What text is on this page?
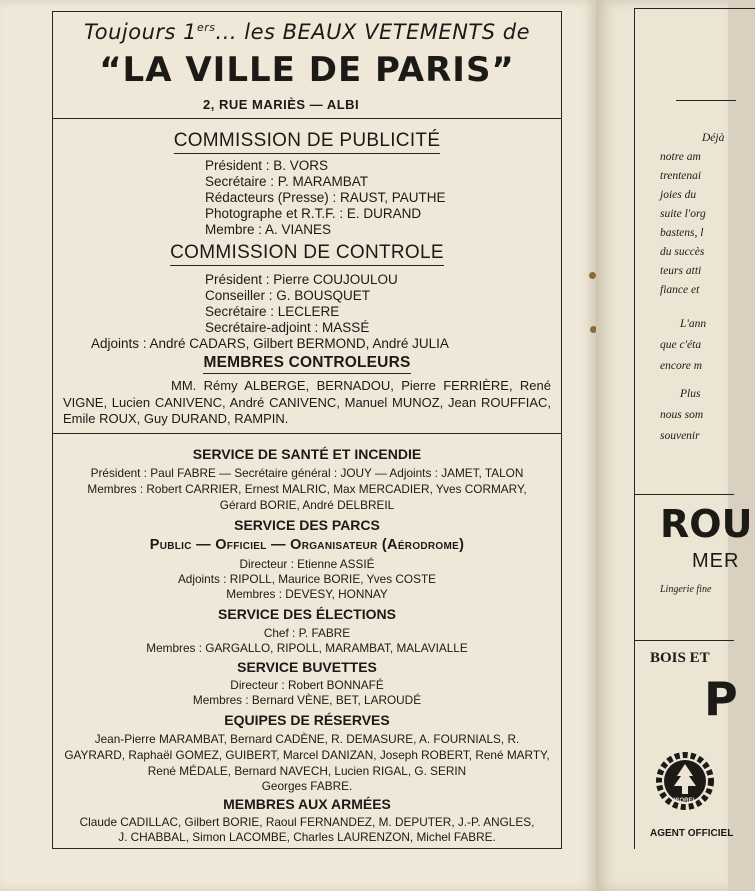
Toujours 1ers... les BEAUX VETEMENTS de
“LA VILLE DE PARIS”
2, RUE MARIÈS — ALBI
COMMISSION DE PUBLICITÉ
Président : B. VORS
Secrétaire : P. MARAMBAT
Rédacteurs (Presse) : RAUST, PAUTHE
Photographe et R.T.F. : E. DURAND
Membre : A. VIANES
COMMISSION DE CONTROLE
Président : Pierre COUJOULOU
Conseiller : G. BOUSQUET
Secrétaire : LECLERE
Secrétaire-adjoint : MASSÉ
Adjoints : André CADARS, Gilbert BERMOND, André JULIA
MEMBRES CONTROLEURS
MM. Rémy ALBERGE, BERNADOU, Pierre FERRIÈRE, René VIGNE, Lucien CANIVENC, André CANIVENC, Manuel MUNOZ, Jean ROUFFIAC, Emile ROUX, Guy DURAND, RAMPIN.
SERVICE DE SANTÉ ET INCENDIE
Président : Paul FABRE — Secrétaire général : JOUY — Adjoints : JAMET, TALON
Membres : Robert CARRIER, Ernest MALRIC, Max MERCADIER, Yves CORMARY,
Gérard BORIE, André DELBREIL
SERVICE DES PARCS
Public — Officiel — Organisateur (Aérodrome)
Directeur : Etienne ASSIÉ
Adjoints : RIPOLL, Maurice BORIE, Yves COSTE
Membres : DEVESY, HONNAY
SERVICE DES ÉLECTIONS
Chef : P. FABRE
Membres : GARGALLO, RIPOLL, MARAMBAT, MALAVIALLE
SERVICE BUVETTES
Directeur : Robert BONNAFÉ
Membres : Bernard VÈNE, BET, LAROUDÉ
EQUIPES DE RÉSERVES
Jean-Pierre MARAMBAT, Bernard CADÈNE, R. DEMASURE, A. FOURNIALS, R. GAYRARD, Raphaël GOMEZ, GUIBERT, Marcel DANIZAN, Joseph ROBERT, René MARTY, René MÉDALE, Bernard NAVECH, Lucien RIGAL, G. SERIN
Georges FABRE.
MEMBRES AUX ARMÉES
Claude CADILLAC, Gilbert BORIE, Raoul FERNANDEZ, M. DEPUTER, J.-P. ANGLES,
J. CHABBAL, Simon LACOMBE, Charles LAURENZON, Michel FABRE.
Déjà
notre am
trentenai
joies du
suite l'org
bastens, l
du succès
teurs atti
fiance et
L'ann
que c'éta
encore m
Plus
nous som
souvenir
ROU
MER
Lingerie fine
BOIS ET
P
ISOREL
AGENT OFFICIEL
